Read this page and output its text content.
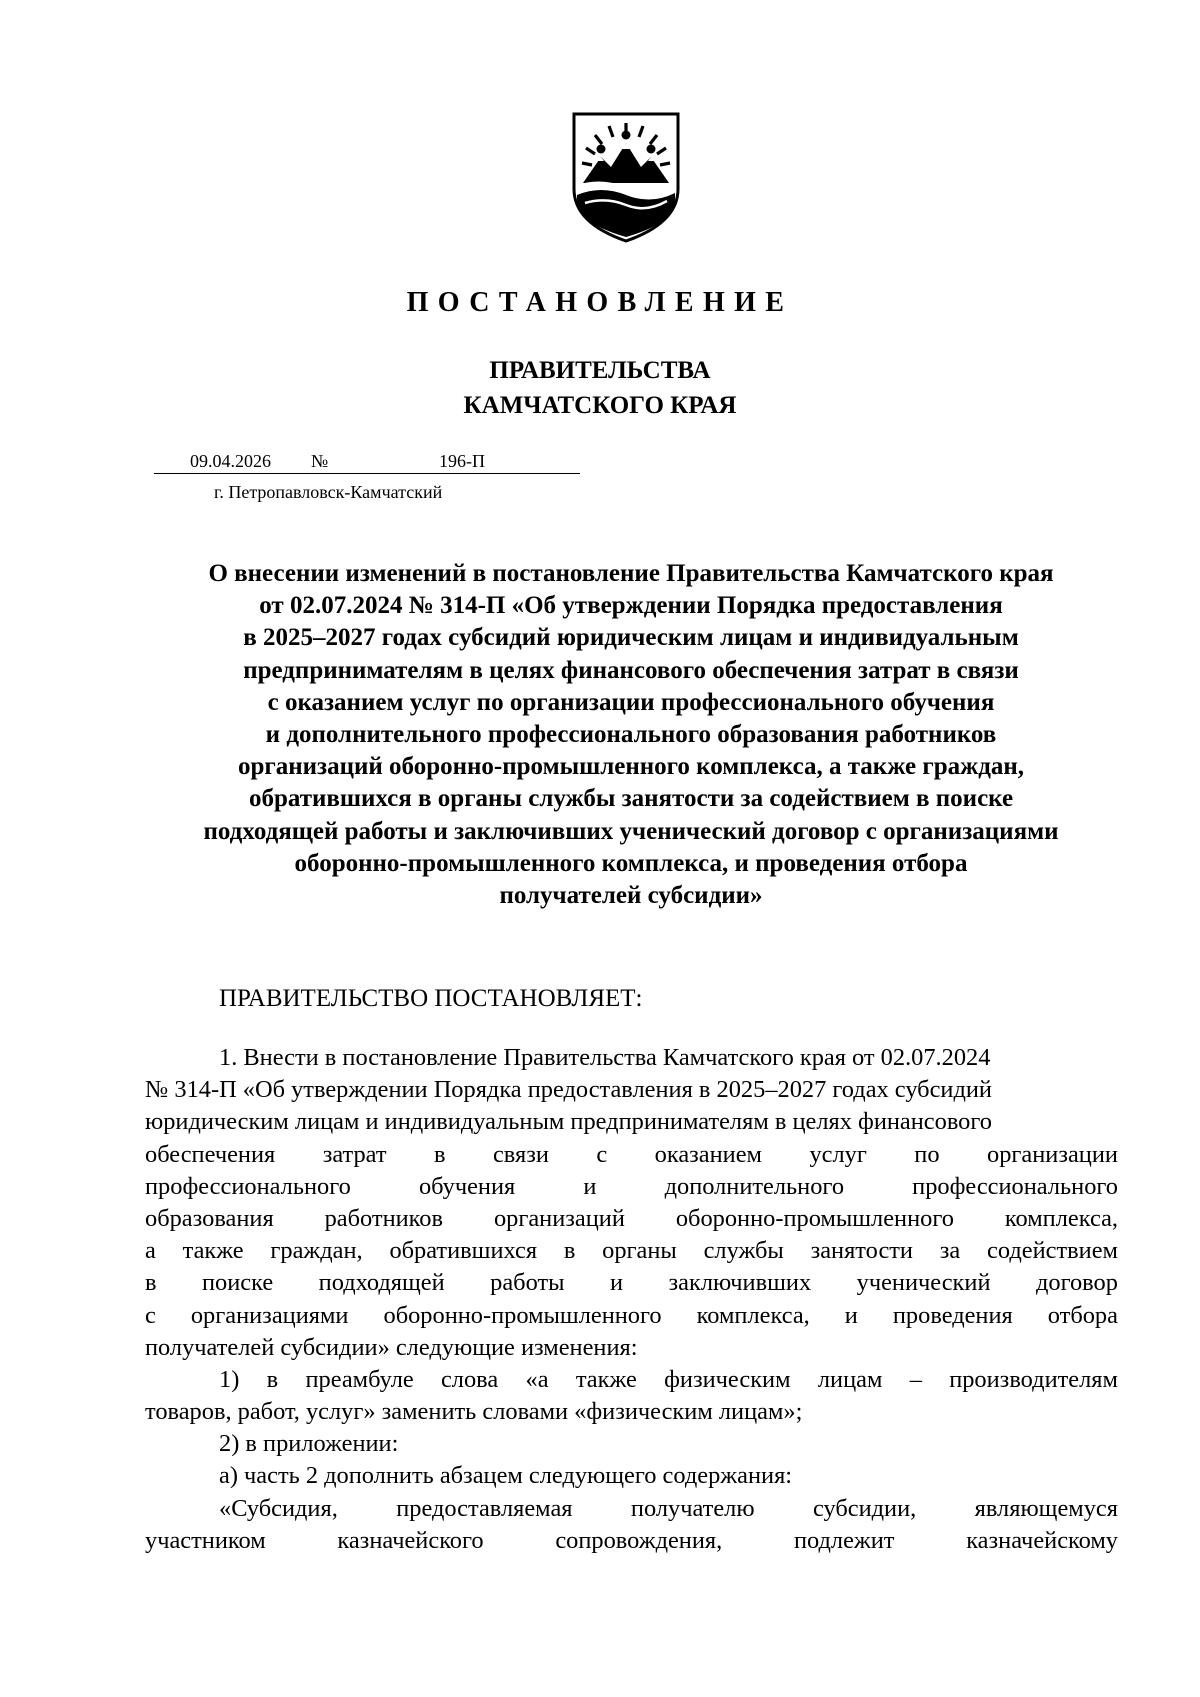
ПОСТАНОВЛЕНИЕ
ПРАВИТЕЛЬСТВА
КАМЧАТСКОГО КРАЯ
09.04.2026 №	196-П
г. Петропавловск-Камчатский
О внесении изменений в постановление Правительства Камчатского края
от 02.07.2024 № 314-П «Об утверждении Порядка предоставления
в 2025–2027 годах субсидий юридическим лицам и индивидуальным
предпринимателям в целях финансового обеспечения затрат в связи
с оказанием услуг по организации профессионального обучения
и дополнительного профессионального образования работников
организаций оборонно-промышленного комплекса, а также граждан,
обратившихся в органы службы занятости за содействием в поиске
подходящей работы и заключивших ученический договор с организациями
оборонно-промышленного комплекса, и проведения отбора
получателей субсидии»
ПРАВИТЕЛЬСТВО ПОСТАНОВЛЯЕТ:
1. Внести в постановление Правительства Камчатского края от 02.07.2024
№ 314-П «Об утверждении Порядка предоставления в 2025–2027 годах субсидий
юридическим лицам и индивидуальным предпринимателям в целях финансового
обеспечения затрат в связи с оказанием услуг по организации
профессионального	обучения	и	дополнительного	профессионального
образования работников организаций оборонно-промышленного комплекса,
а также граждан, обратившихся в органы службы занятости за содействием
в поиске подходящей работы и заключивших ученический договор
с организациями оборонно-промышленного комплекса, и проведения отбора
получателей субсидии» следующие изменения:
1) в преамбуле слова «а также физическим лицам – производителям
товаров, работ, услуг» заменить словами «физическим лицам»;
2) в приложении:
а) часть 2 дополнить абзацем следующего содержания:
«Субсидия, предоставляемая получателю субсидии, являющемуся
участником	казначейского	сопровождения,	подлежит	казначейскому
